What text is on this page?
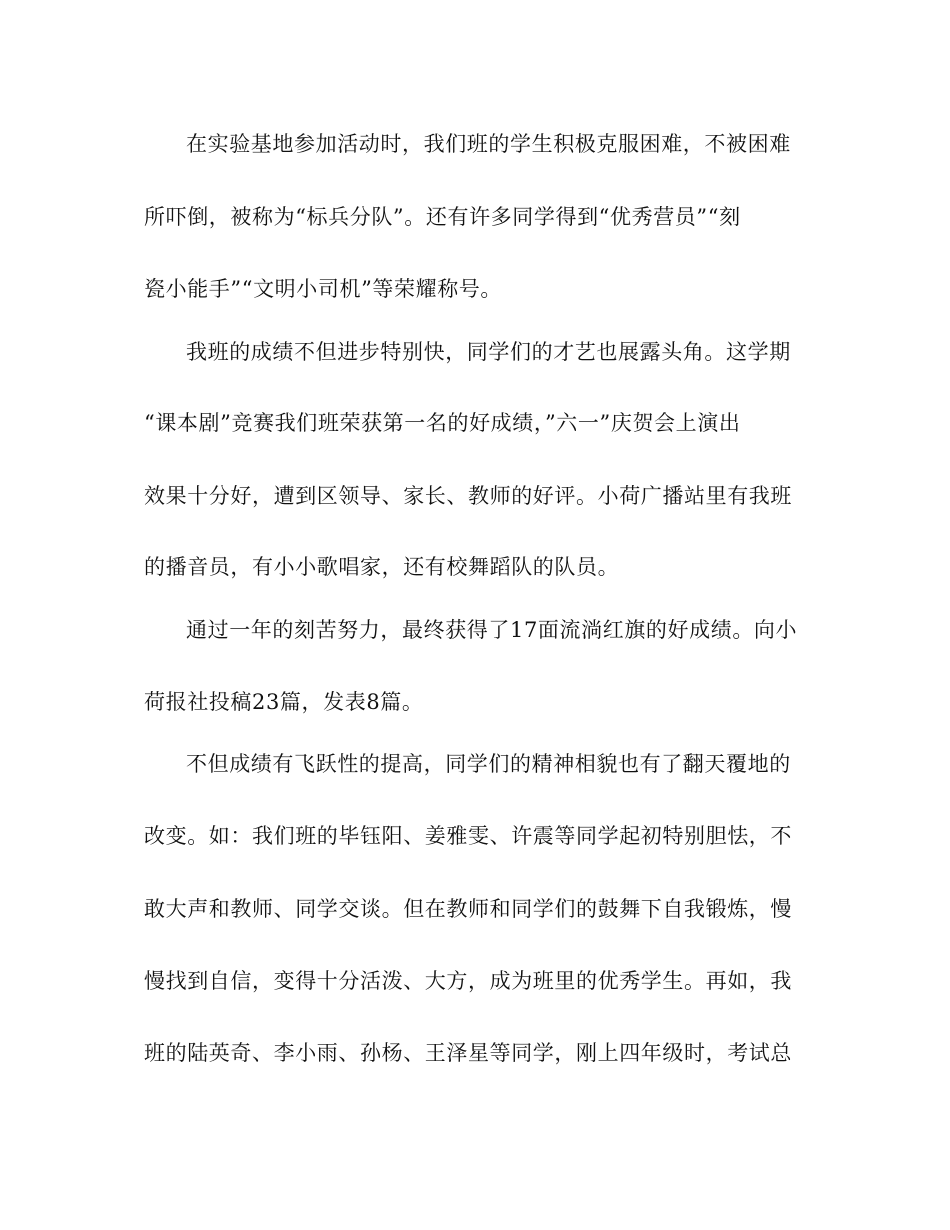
在实验基地参加活动时，我们班的学生积极克服困难，不被困难
所吓倒，被称为“标兵分队”。还有许多同学得到“优秀营员”“刻
瓷小能手”“文明小司机”等荣耀称号。
我班的成绩不但进步特别快，同学们的才艺也展露头角。这学期
“课本剧”竞赛我们班荣获第一名的好成绩，”六一”庆贺会上演出
效果十分好，遭到区领导、家长、教师的好评。小荷广播站里有我班
的播音员，有小小歌唱家，还有校舞蹈队的队员。
通过一年的刻苦努力，最终获得了17面流淌红旗的好成绩。向小
荷报社投稿23篇，发表8篇。
不但成绩有飞跃性的提高，同学们的精神相貌也有了翻天覆地的
改变。如：我们班的毕钰阳、姜雅雯、许震等同学起初特别胆怯，不
敢大声和教师、同学交谈。但在教师和同学们的鼓舞下自我锻炼，慢
慢找到自信，变得十分活泼、大方，成为班里的优秀学生。再如，我
班的陆英奇、李小雨、孙杨、王泽星等同学，刚上四年级时，考试总
